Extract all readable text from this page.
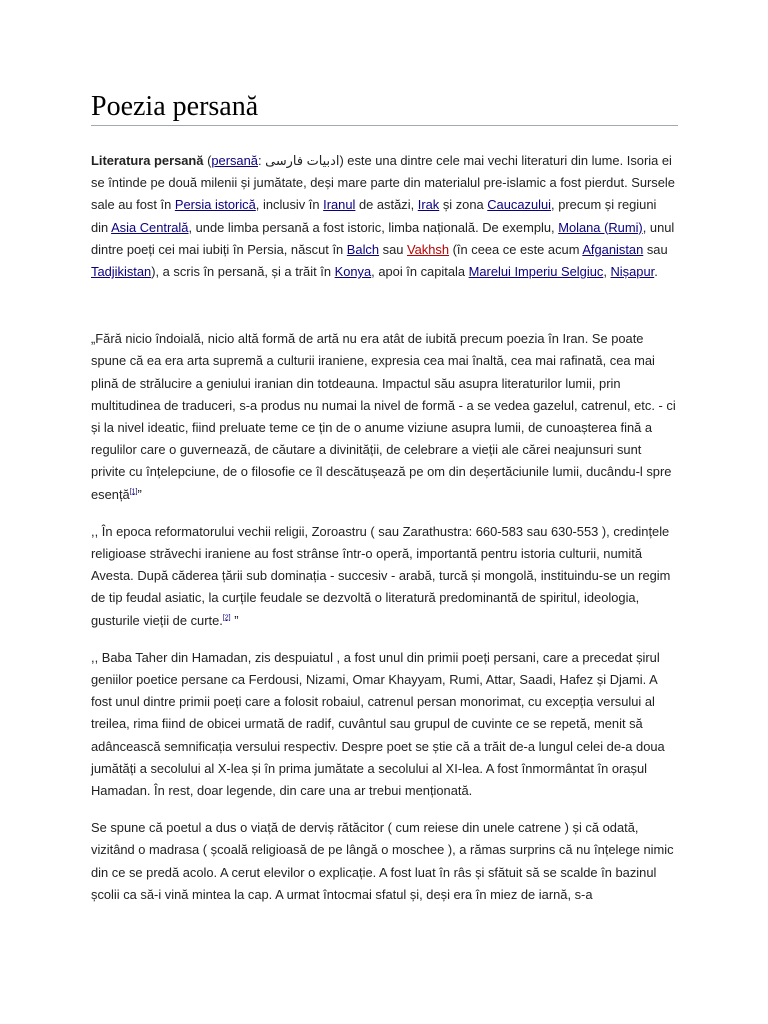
Poezia persană

Literatura persană (persană: ادبیات فارسی) este una dintre cele mai vechi literaturi din lume. Isoria ei se întinde pe două milenii și jumătate, deși mare parte din materialul pre-islamic a fost pierdut. Sursele sale au fost în Persia istorică, inclusiv în Iranul de astăzi, Irak și zona Caucazului, precum și regiuni din Asia Centrală, unde limba persană a fost istoric, limba națională. De exemplu, Molana (Rumi), unul dintre poeți cei mai iubiți în Persia, născut în Balch sau Vakhsh (în ceea ce este acum Afganistan sau Tadjikistan), a scris în persană, și a trăit în Konya, apoi în capitala Marelui Imperiu Selgiuc, Nișapur.

„Fără nicio îndoială, nicio altă formă de artă nu era atât de iubită precum poezia în Iran. Se poate spune că ea era arta supremă a culturii iraniene, expresia cea mai înaltă, cea mai rafinată, cea mai plină de strălucire a geniului iranian din totdeauna. Impactul său asupra literaturilor lumii, prin multitudinea de traduceri, s-a produs nu numai la nivel de formă - a se vedea gazelul, catrenul, etc. - ci și la nivel ideatic, fiind preluate teme ce țin de o anume viziune asupra lumii, de cunoașterea fină a regulilor care o guvernează, de căutare a divinității, de celebrare a vieții ale cărei neajunsuri sunt privite cu înțelepciune, de o filosofie ce îl descătușează pe om din deșertăciunile lumii, ducându-l spre esență[1]”

,, În epoca reformatorului vechii religii, Zoroastru ( sau Zarathustra: 660-583 sau 630-553 ), credințele religioase străvechi iraniene au fost strânse într-o operă, importantă pentru istoria culturii, numită Avesta. După căderea țării sub dominația - succesiv - arabă, turcă și mongolă, instituindu-se un regim de tip feudal asiatic, la curțile feudale se dezvoltă o literatură predominantă de spiritul, ideologia, gusturile vieții de curte.[2] ”

,, Baba Taher din Hamadan, zis despuiatul , a fost unul din primii poeți persani, care a precedat șirul geniilor poetice persane ca Ferdousi, Nizami, Omar Khayyam, Rumi, Attar, Saadi, Hafez și Djami. A fost unul dintre primii poeți care a folosit robaiul, catrenul persan monorimat, cu excepția versului al treilea, rima fiind de obicei urmată de radif, cuvântul sau grupul de cuvinte ce se repetă, menit să adâncească semnificația versului respectiv. Despre poet se știe că a trăit de-a lungul celei de-a doua jumătăți a secolului al X-lea și în prima jumătate a secolului al XI-lea. A fost înmormântat în orașul Hamadan. În rest, doar legende, din care una ar trebui menționată.

Se spune că poetul a dus o viață de derviș rătăcitor ( cum reiese din unele catrene ) și că odată, vizitând o madrasa ( școală religioasă de pe lângă o moschee ), a rămas surprins că nu înțelege nimic din ce se predă acolo. A cerut elevilor o explicație. A fost luat în râs și sfătuit să se scalde în bazinul școlii ca să-i vină mintea la cap. A urmat întocmai sfatul și, deși era în miez de iarnă, s-a
